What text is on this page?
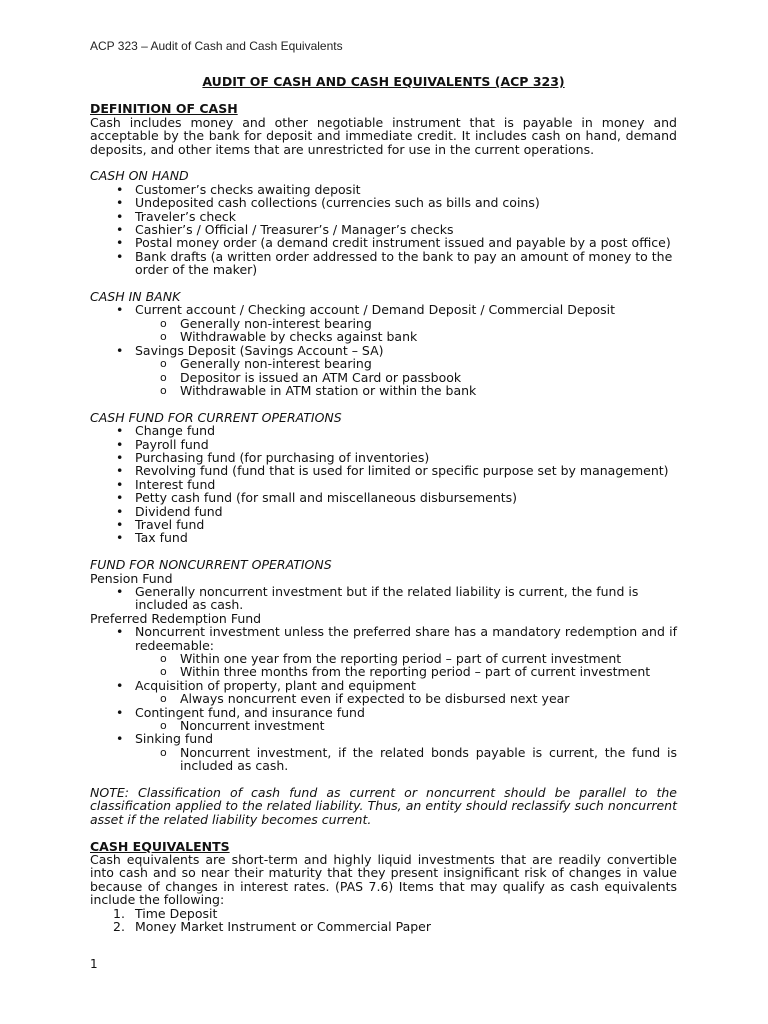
ACP 323 – Audit of Cash and Cash Equivalents
AUDIT OF CASH AND CASH EQUIVALENTS (ACP 323)
DEFINITION OF CASH
Cash includes money and other negotiable instrument that is payable in money and acceptable by the bank for deposit and immediate credit. It includes cash on hand, demand deposits, and other items that are unrestricted for use in the current operations.
CASH ON HAND
• Customer’s checks awaiting deposit
• Undeposited cash collections (currencies such as bills and coins)
• Traveler’s check
• Cashier’s / Official / Treasurer’s / Manager’s checks
• Postal money order (a demand credit instrument issued and payable by a post office)
• Bank drafts (a written order addressed to the bank to pay an amount of money to the order of the maker)
CASH IN BANK
• Current account / Checking account / Demand Deposit / Commercial Deposit
o Generally non-interest bearing
o Withdrawable by checks against bank
• Savings Deposit (Savings Account – SA)
o Generally non-interest bearing
o Depositor is issued an ATM Card or passbook
o Withdrawable in ATM station or within the bank
CASH FUND FOR CURRENT OPERATIONS
• Change fund
• Payroll fund
• Purchasing fund (for purchasing of inventories)
• Revolving fund (fund that is used for limited or specific purpose set by management)
• Interest fund
• Petty cash fund (for small and miscellaneous disbursements)
• Dividend fund
• Travel fund
• Tax fund
FUND FOR NONCURRENT OPERATIONS
Pension Fund
• Generally noncurrent investment but if the related liability is current, the fund is included as cash.
Preferred Redemption Fund
• Noncurrent investment unless the preferred share has a mandatory redemption and if redeemable:
o Within one year from the reporting period – part of current investment
o Within three months from the reporting period – part of current investment
• Acquisition of property, plant and equipment
o Always noncurrent even if expected to be disbursed next year
• Contingent fund, and insurance fund
o Noncurrent investment
• Sinking fund
o Noncurrent investment, if the related bonds payable is current, the fund is included as cash.
NOTE: Classification of cash fund as current or noncurrent should be parallel to the classification applied to the related liability. Thus, an entity should reclassify such noncurrent asset if the related liability becomes current.
CASH EQUIVALENTS
Cash equivalents are short-term and highly liquid investments that are readily convertible into cash and so near their maturity that they present insignificant risk of changes in value because of changes in interest rates. (PAS 7.6) Items that may qualify as cash equivalents include the following:
1. Time Deposit
2. Money Market Instrument or Commercial Paper
1
